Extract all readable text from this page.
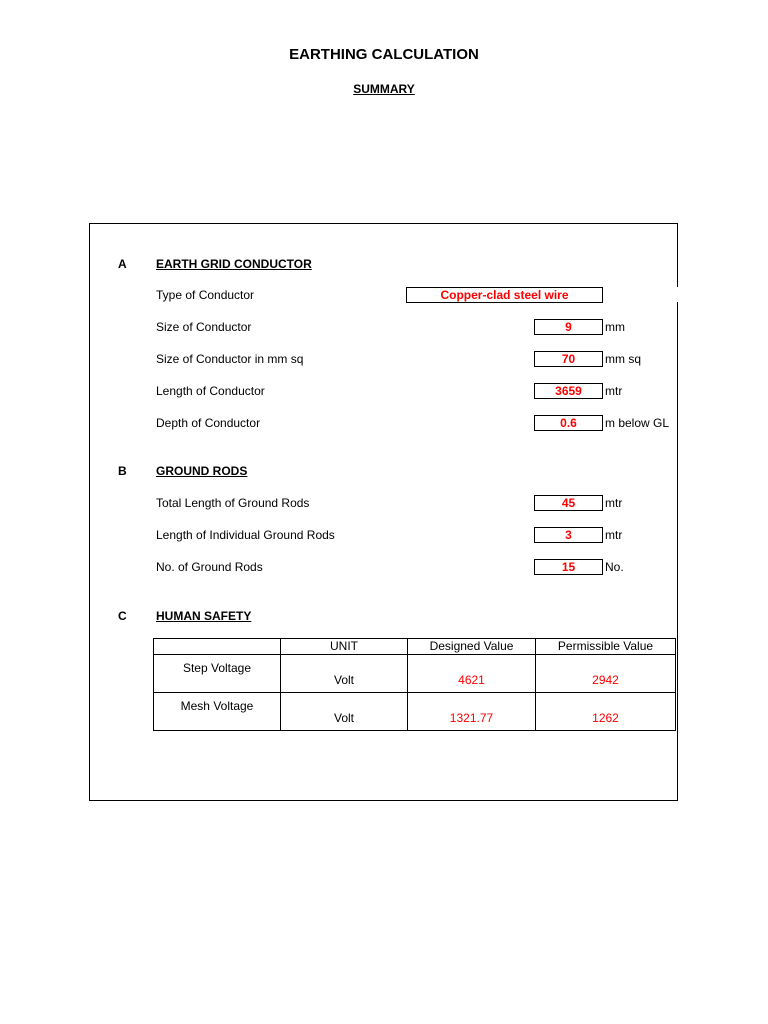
EARTHING CALCULATION
SUMMARY
A EARTH GRID CONDUCTOR
Type of Conductor	Copper-clad steel wire
Size of Conductor	9	mm
Size of Conductor in mm sq	70	mm sq
Length of Conductor	3659	mtr
Depth of Conductor	0.6	m below GL
B GROUND RODS
Total Length of Ground Rods	45	mtr
Length of Individual Ground Rods	3	mtr
No. of Ground Rods	15	No.
C HUMAN SAFETY
	UNIT	Designed Value	Permissible Value
Step Voltage	Volt	4621	2942
Mesh Voltage	Volt	1321.77	1262
